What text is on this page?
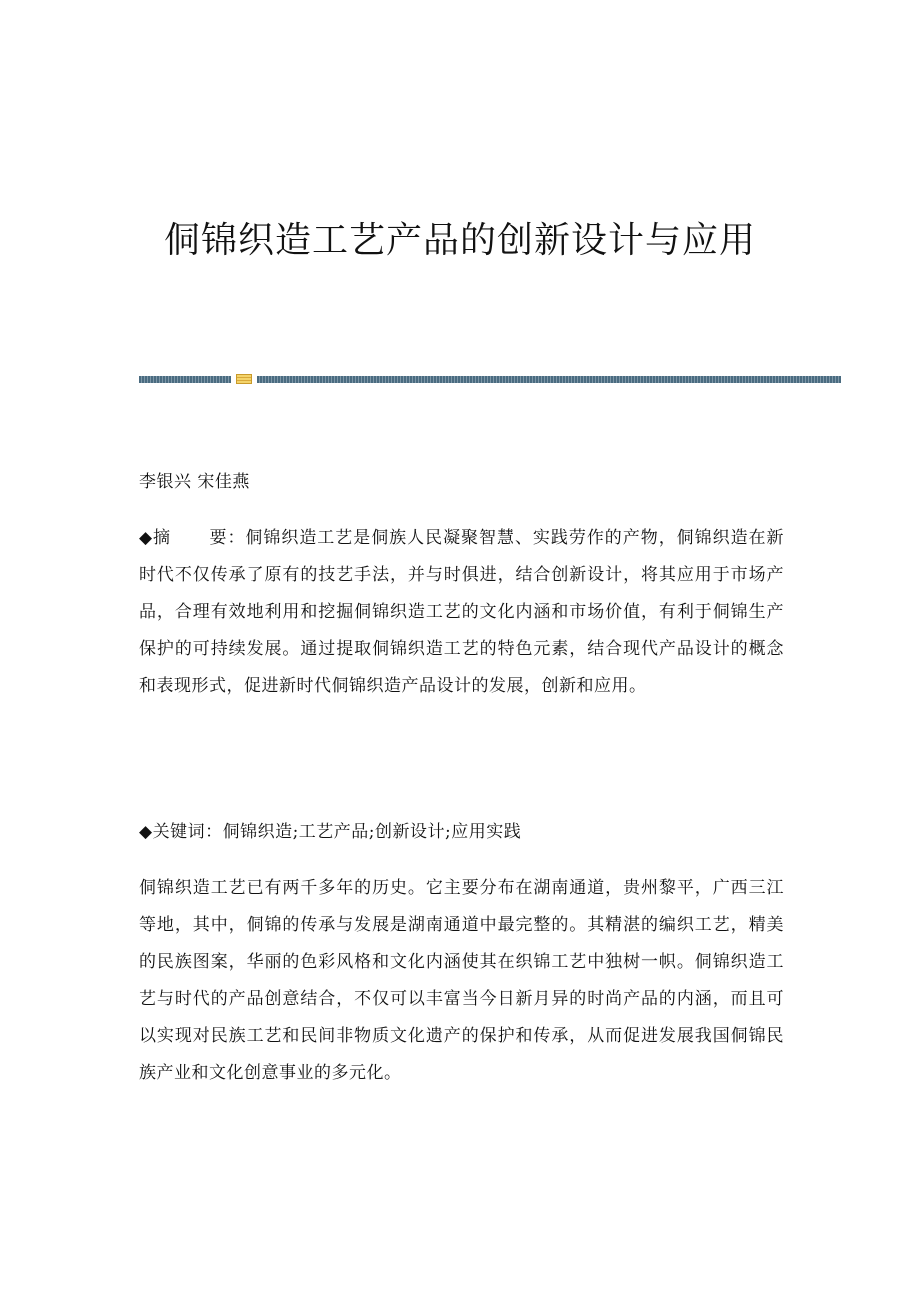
侗锦织造工艺产品的创新设计与应用

李银兴 宋佳燕

◆摘 要：侗锦织造工艺是侗族人民凝聚智慧、实践劳作的产物，侗锦织造在新时代不仅传承了原有的技艺手法，并与时俱进，结合创新设计，将其应用于市场产品，合理有效地利用和挖掘侗锦织造工艺的文化内涵和市场价值，有利于侗锦生产保护的可持续发展。通过提取侗锦织造工艺的特色元素，结合现代产品设计的概念和表现形式，促进新时代侗锦织造产品设计的发展，创新和应用。

◆关键词：侗锦织造;工艺产品;创新设计;应用实践

侗锦织造工艺已有两千多年的历史。它主要分布在湖南通道，贵州黎平，广西三江等地，其中，侗锦的传承与发展是湖南通道中最完整的。其精湛的编织工艺，精美的民族图案，华丽的色彩风格和文化内涵使其在织锦工艺中独树一帜。侗锦织造工艺与时代的产品创意结合，不仅可以丰富当今日新月异的时尚产品的内涵，而且可以实现对民族工艺和民间非物质文化遗产的保护和传承，从而促进发展我国侗锦民族产业和文化创意事业的多元化。
